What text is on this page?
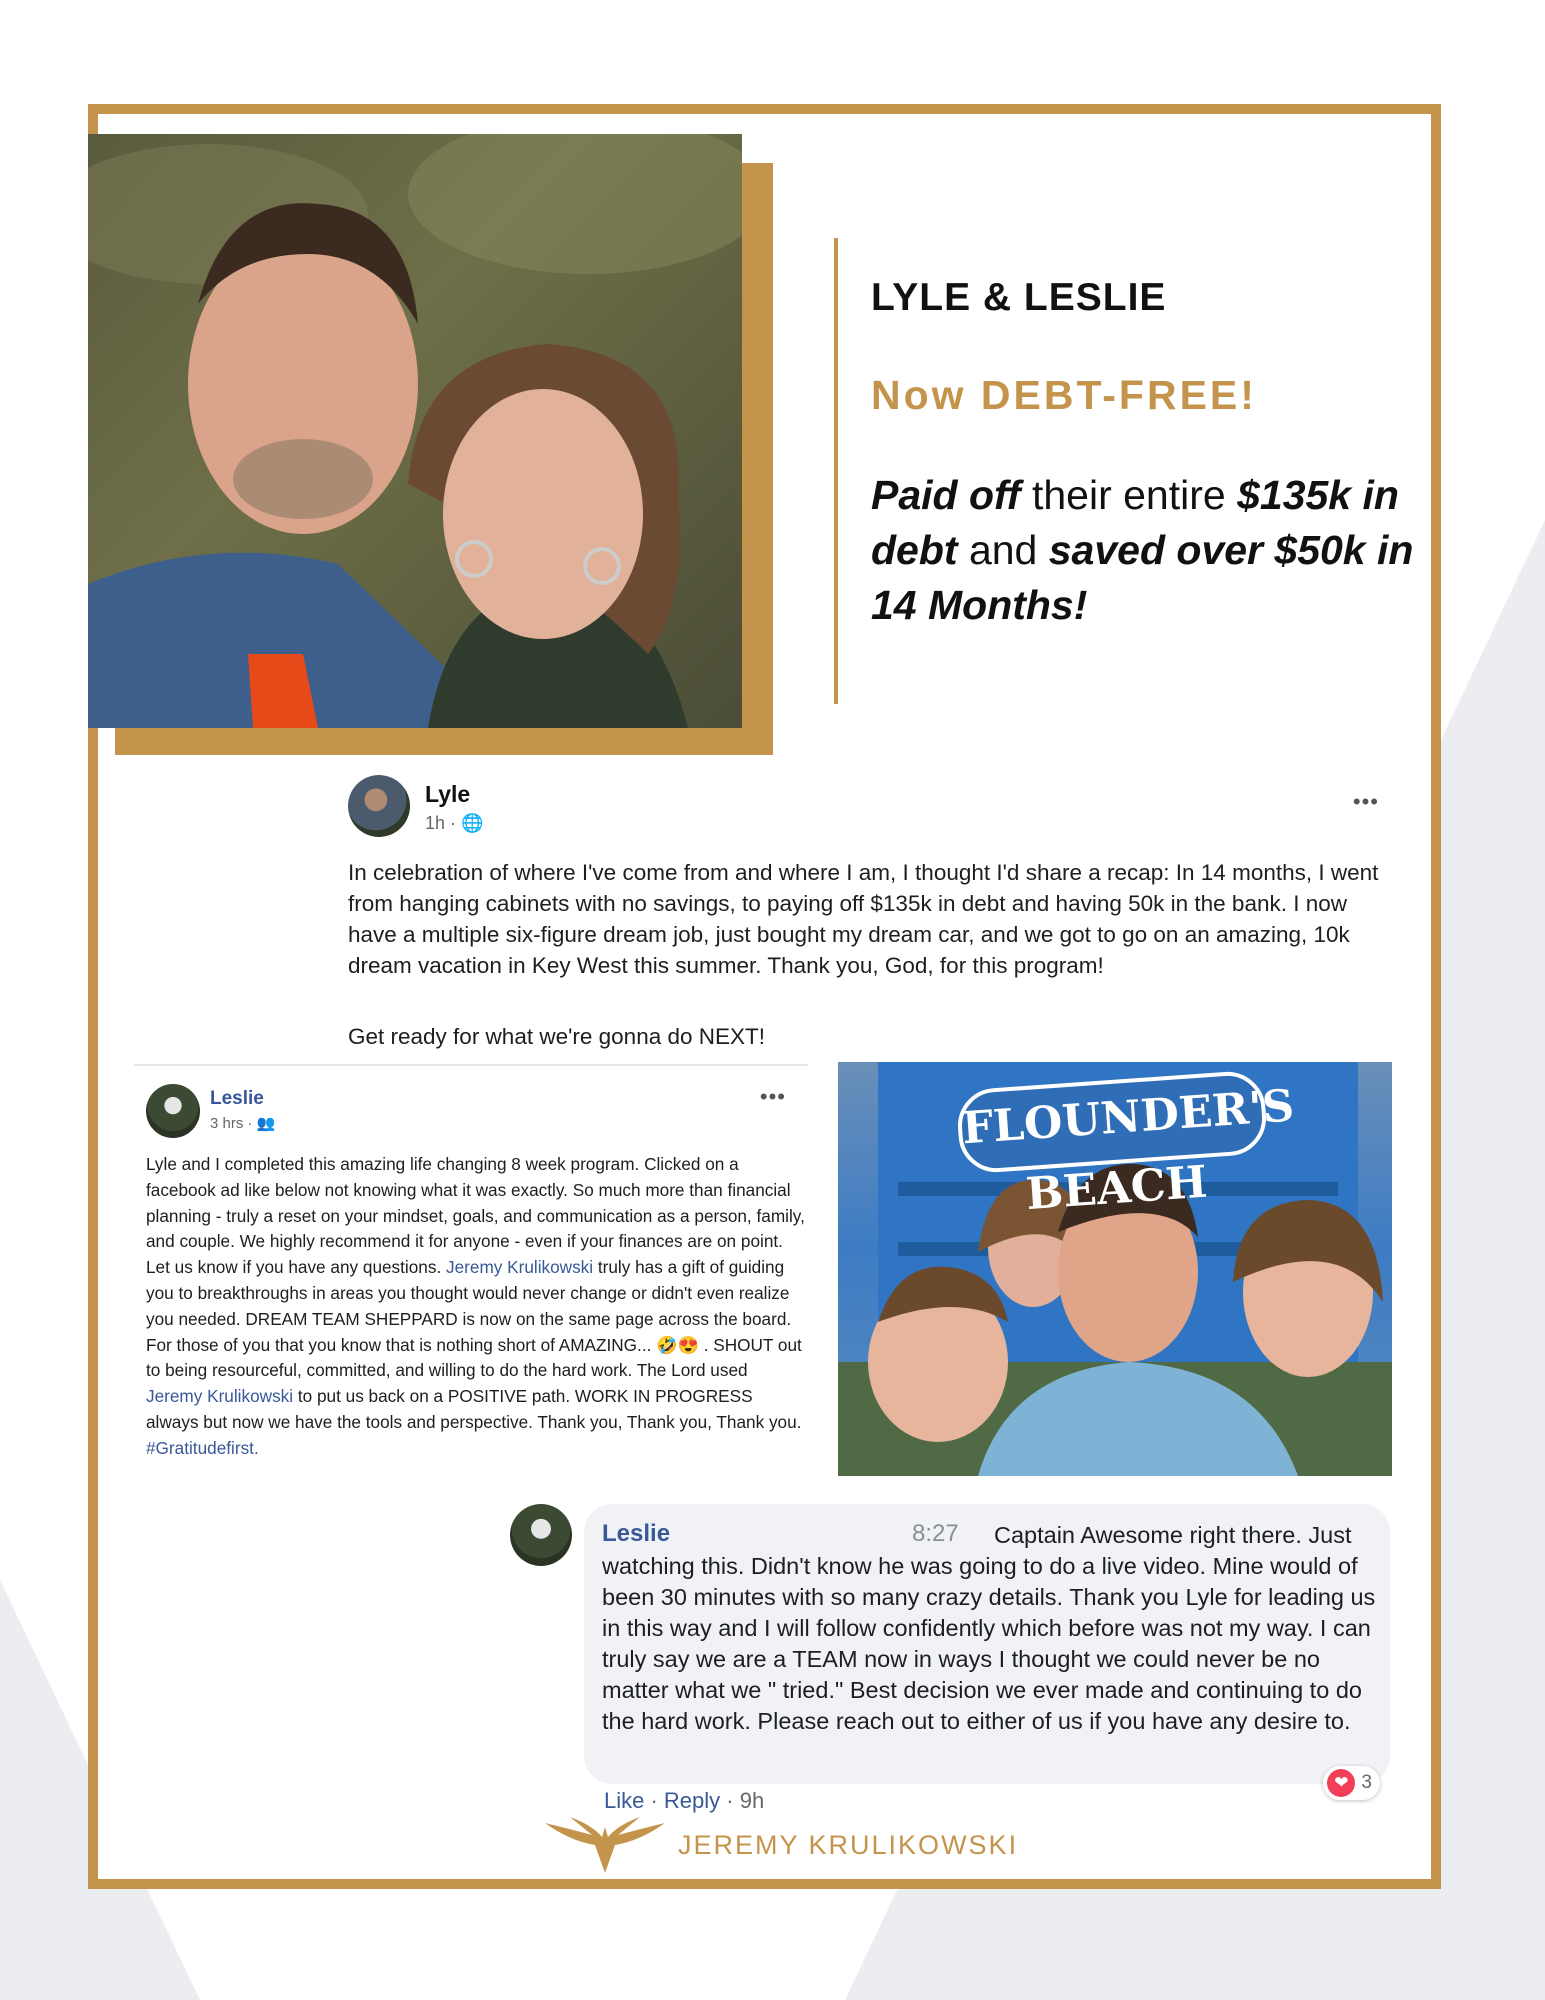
LYLE & LESLIE
Now DEBT-FREE!

Paid off their entire $135k in debt and saved over $50k in 14 Months!

Lyle
1h · 🌐
•••

In celebration of where I've come from and where I am, I thought I'd share a recap: In 14 months, I went from hanging cabinets with no savings, to paying off $135k in debt and having 50k in the bank. I now have a multiple six-figure dream job, just bought my dream car, and we got to go on an amazing, 10k dream vacation in Key West this summer. Thank you, God, for this program!

Get ready for what we're gonna do NEXT!

Leslie
3 hrs · 👥
•••

Lyle and I completed this amazing life changing 8 week program. Clicked on a facebook ad like below not knowing what it was exactly. So much more than financial planning - truly a reset on your mindset, goals, and communication as a person, family, and couple. We highly recommend it for anyone - even if your finances are on point. Let us know if you have any questions. Jeremy Krulikowski truly has a gift of guiding you to breakthroughs in areas you thought would never change or didn't even realize you needed. DREAM TEAM SHEPPARD is now on the same page across the board. For those of you that you know that is nothing short of AMAZING... 🤣😍 . SHOUT out to being resourceful, committed, and willing to do the hard work. The Lord used Jeremy Krulikowski to put us back on a POSITIVE path. WORK IN PROGRESS always but now we have the tools and perspective. Thank you, Thank you, Thank you. #Gratitudefirst.

FLOUNDER'S BEACH
Leslie	8:27	Captain Awesome right there. Just watching this. Didn't know he was going to do a live video. Mine would of been 30 minutes with so many crazy details. Thank you Lyle for leading us in this way and I will follow confidently which before was not my way. I can truly say we are a TEAM now in ways I thought we could never be no matter what we " tried." Best decision we ever made and continuing to do the hard work. Please reach out to either of us if you have any desire to.

❤ 3
Like · Reply · 9h
JEREMY KRULIKOWSKI
